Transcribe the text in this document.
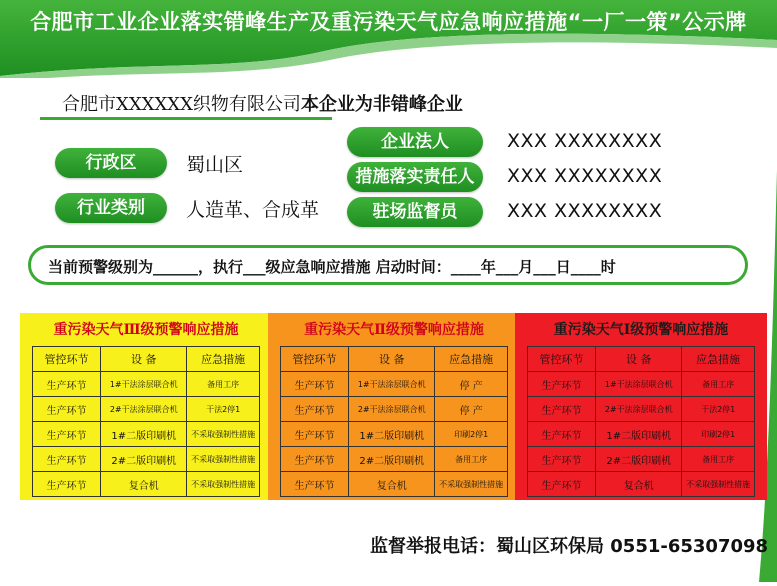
合肥市工业企业落实错峰生产及重污染天气应急响应措施“一厂一策”公示牌
合肥市XXXXXX织物有限公司本企业为非错峰企业
行政区	蜀山区
行业类别	人造革、合成革
企业法人	XXX XXXXXXXX
措施落实责任人	XXX XXXXXXXX
驻场监督员	XXX XXXXXXXX
当前预警级别为______，执行___级应急响应措施 启动时间：____年___月___日____时
重污染天气Ⅲ级预警响应措施
管控环节	设 备	应急措施
生产环节	1#干法涂层联合机	备用工序
生产环节	2#干法涂层联合机	干法2停1
生产环节	1#二版印刷机	不采取强制性措施
生产环节	2#二版印刷机	不采取强制性措施
生产环节	复合机	不采取强制性措施
重污染天气Ⅱ级预警响应措施
管控环节	设 备	应急措施
生产环节	1#干法涂层联合机	停 产
生产环节	2#干法涂层联合机	停 产
生产环节	1#二版印刷机	印刷2停1
生产环节	2#二版印刷机	备用工序
生产环节	复合机	不采取强制性措施
重污染天气Ⅰ级预警响应措施
管控环节	设 备	应急措施
生产环节	1#干法涂层联合机	备用工序
生产环节	2#干法涂层联合机	干法2停1
生产环节	1#二版印刷机	印刷2停1
生产环节	2#二版印刷机	备用工序
生产环节	复合机	不采取强制性措施
监督举报电话：蜀山区环保局 0551-65307098
